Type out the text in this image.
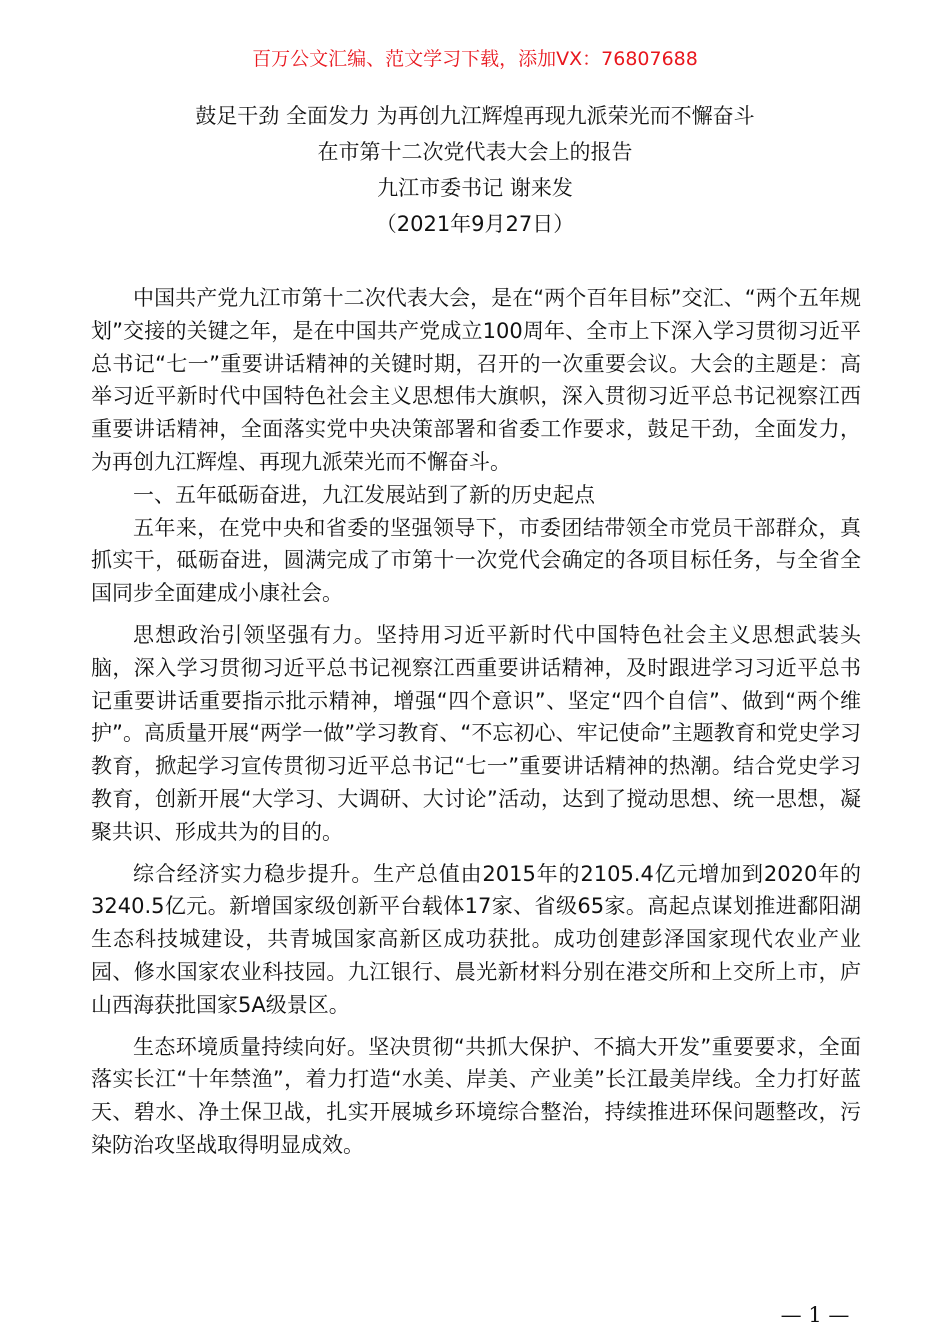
百万公文汇编、范文学习下载，添加VX：76807688
鼓足干劲 全面发力 为再创九江辉煌再现九派荣光而不懈奋斗
在市第十二次党代表大会上的报告
九江市委书记 谢来发
（2021年9月27日）

中国共产党九江市第十二次代表大会，是在“两个百年目标”交汇、“两个五年规划”交接的关键之年，是在中国共产党成立100周年、全市上下深入学习贯彻习近平总书记“七一”重要讲话精神的关键时期，召开的一次重要会议。大会的主题是：高举习近平新时代中国特色社会主义思想伟大旗帜，深入贯彻习近平总书记视察江西重要讲话精神，全面落实党中央决策部署和省委工作要求，鼓足干劲，全面发力，为再创九江辉煌、再现九派荣光而不懈奋斗。

一、五年砥砺奋进，九江发展站到了新的历史起点

五年来，在党中央和省委的坚强领导下，市委团结带领全市党员干部群众，真抓实干，砥砺奋进，圆满完成了市第十一次党代会确定的各项目标任务，与全省全国同步全面建成小康社会。

思想政治引领坚强有力。坚持用习近平新时代中国特色社会主义思想武装头脑，深入学习贯彻习近平总书记视察江西重要讲话精神，及时跟进学习习近平总书记重要讲话重要指示批示精神，增强“四个意识”、坚定“四个自信”、做到“两个维护”。高质量开展“两学一做”学习教育、“不忘初心、牢记使命”主题教育和党史学习教育，掀起学习宣传贯彻习近平总书记“七一”重要讲话精神的热潮。结合党史学习教育，创新开展“大学习、大调研、大讨论”活动，达到了搅动思想、统一思想，凝聚共识、形成共为的目的。

综合经济实力稳步提升。生产总值由2015年的2105.4亿元增加到2020年的3240.5亿元。新增国家级创新平台载体17家、省级65家。高起点谋划推进鄱阳湖生态科技城建设，共青城国家高新区成功获批。成功创建彭泽国家现代农业产业园、修水国家农业科技园。九江银行、晨光新材料分别在港交所和上交所上市，庐山西海获批国家5A级景区。

生态环境质量持续向好。坚决贯彻“共抓大保护、不搞大开发”重要要求，全面落实长江“十年禁渔”，着力打造“水美、岸美、产业美”长江最美岸线。全力打好蓝天、碧水、净土保卫战，扎实开展城乡环境综合整治，持续推进环保问题整改，污染防治攻坚战取得明显成效。

— 1 —
